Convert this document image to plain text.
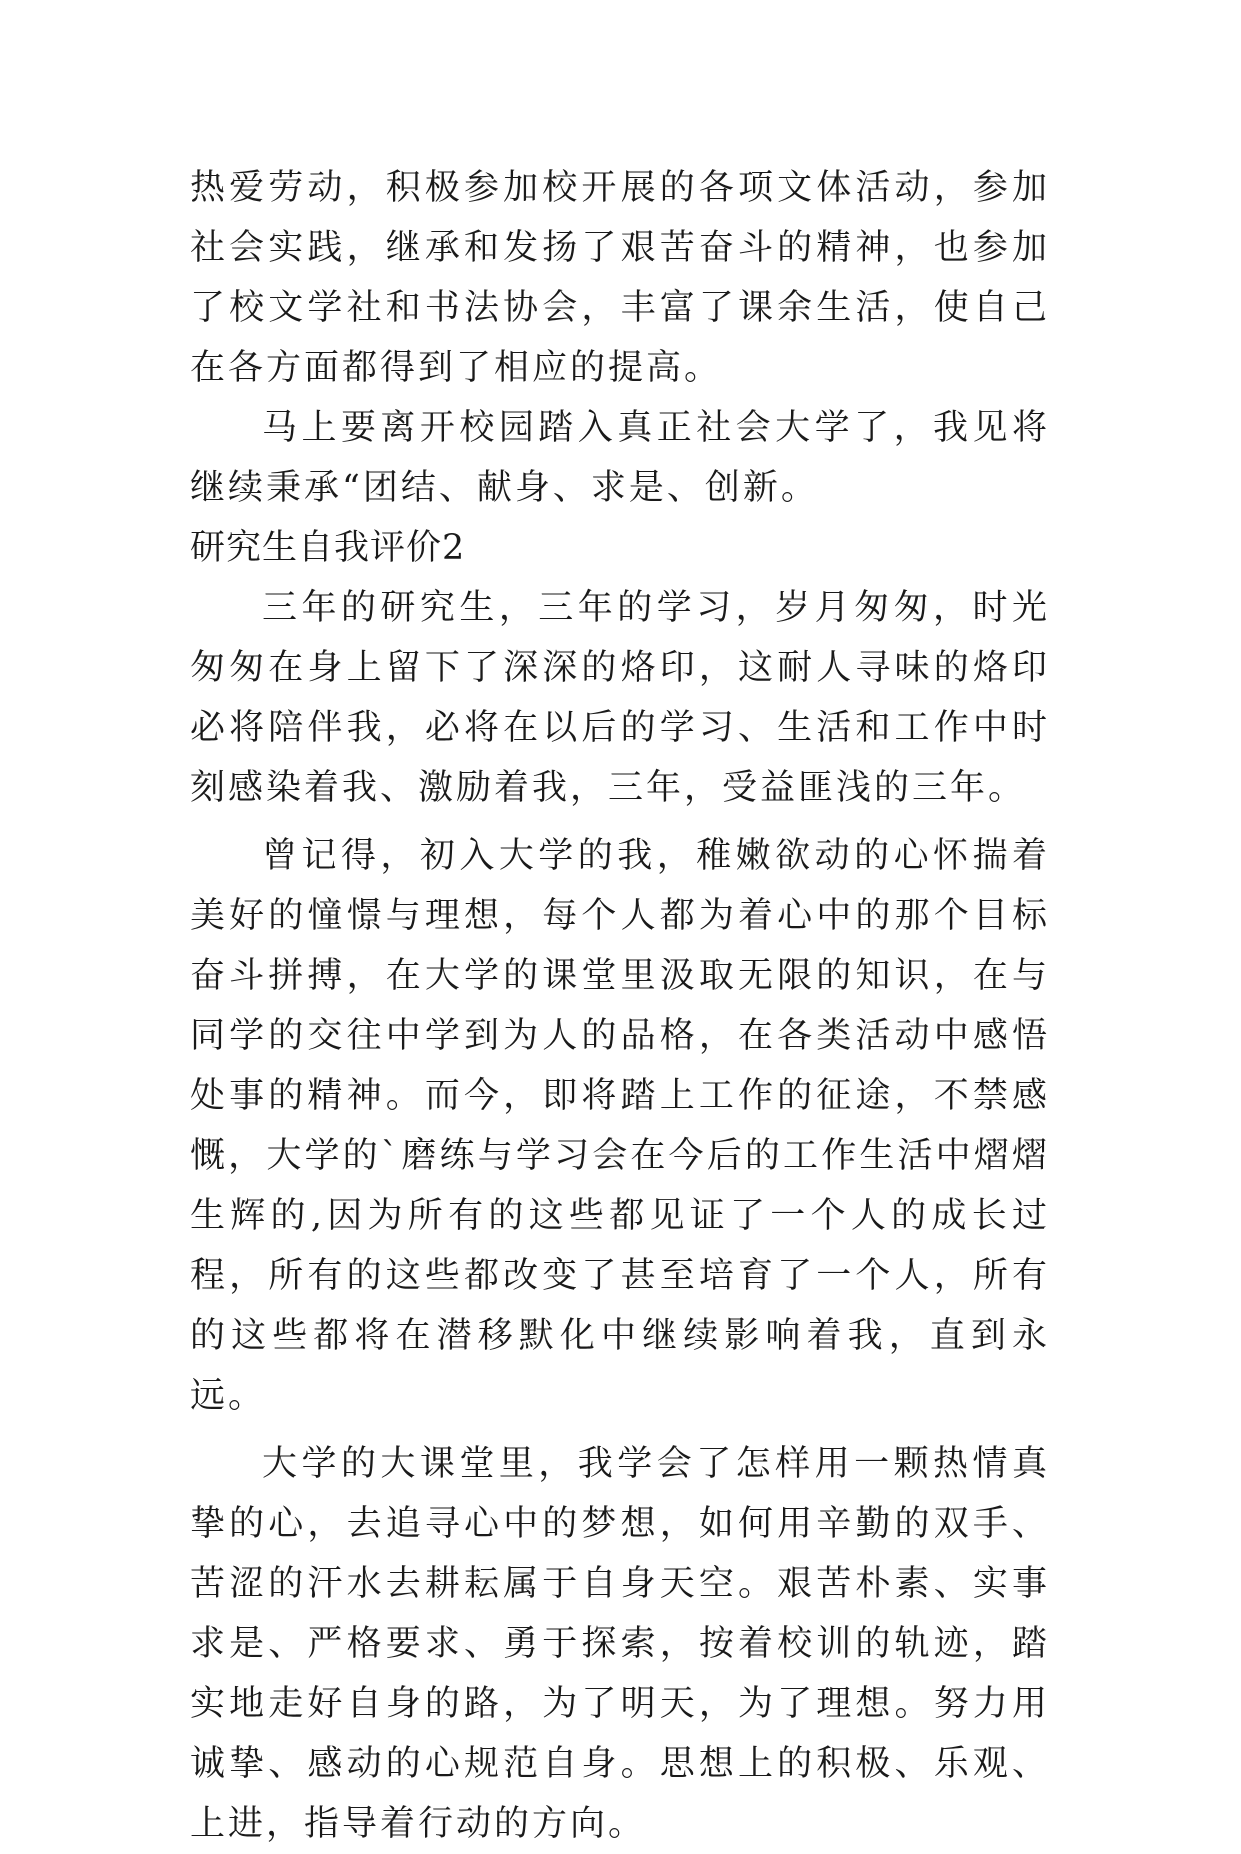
热爱劳动，积极参加校开展的各项文体活动，参加社会实践，继承和发扬了艰苦奋斗的精神，也参加了校文学社和书法协会，丰富了课余生活，使自己在各方面都得到了相应的提高。

马上要离开校园踏入真正社会大学了，我见将继续秉承“团结、献身、求是、创新。

研究生自我评价2

三年的研究生，三年的学习，岁月匆匆，时光匆匆在身上留下了深深的烙印，这耐人寻味的烙印必将陪伴我，必将在以后的学习、生活和工作中时刻感染着我、激励着我，三年，受益匪浅的三年。

曾记得，初入大学的我，稚嫩欲动的心怀揣着美好的憧憬与理想，每个人都为着心中的那个目标奋斗拼搏，在大学的课堂里汲取无限的知识，在与同学的交往中学到为人的品格，在各类活动中感悟处事的精神。而今，即将踏上工作的征途，不禁感慨，大学的`磨练与学习会在今后的工作生活中熠熠生辉的,因为所有的这些都见证了一个人的成长过程，所有的这些都改变了甚至培育了一个人，所有的这些都将在潜移默化中继续影响着我，直到永远。

大学的大课堂里，我学会了怎样用一颗热情真挚的心，去追寻心中的梦想，如何用辛勤的双手、苦涩的汗水去耕耘属于自身天空。艰苦朴素、实事求是、严格要求、勇于探索，按着校训的轨迹，踏实地走好自身的路，为了明天，为了理想。努力用诚挚、感动的心规范自身。思想上的积极、乐观、上进，指导着行动的方向。
